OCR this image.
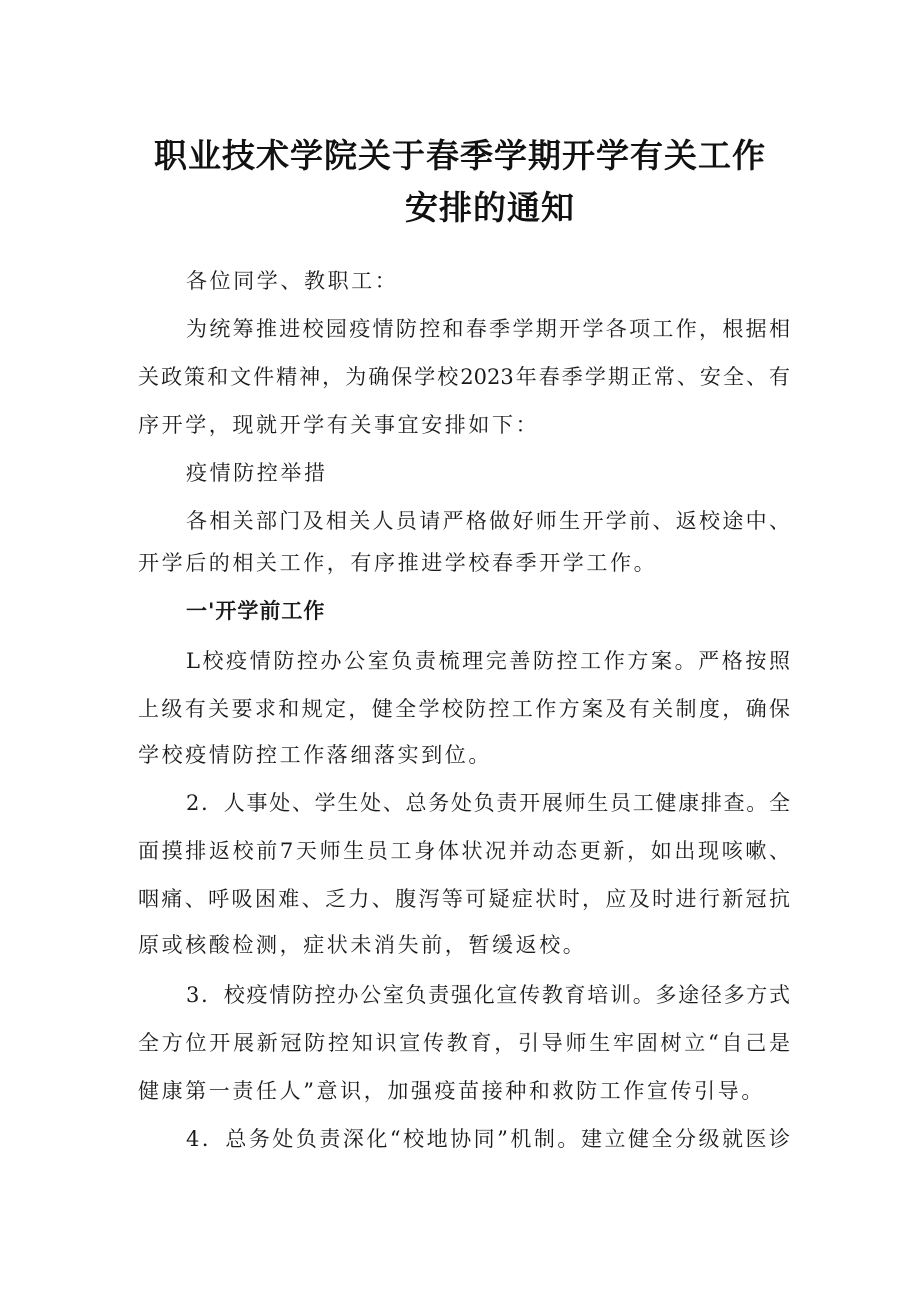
职业技术学院关于春季学期开学有关工作
安排的通知
各位同学、教职工：
为统筹推进校园疫情防控和春季学期开学各项工作，根据相
关政策和文件精神，为确保学校2023年春季学期正常、安全、有
序开学，现就开学有关事宜安排如下：
疫情防控举措
各相关部门及相关人员请严格做好师生开学前、返校途中、
开学后的相关工作，有序推进学校春季开学工作。
一'开学前工作
L校疫情防控办公室负责梳理完善防控工作方案。严格按照
上级有关要求和规定，健全学校防控工作方案及有关制度，确保
学校疫情防控工作落细落实到位。
2．人事处、学生处、总务处负责开展师生员工健康排查。全
面摸排返校前7天师生员工身体状况并动态更新，如出现咳嗽、
咽痛、呼吸困难、乏力、腹泻等可疑症状时，应及时进行新冠抗
原或核酸检测，症状未消失前，暂缓返校。
3．校疫情防控办公室负责强化宣传教育培训。多途径多方式
全方位开展新冠防控知识宣传教育，引导师生牢固树立“自己是
健康第一责任人”意识，加强疫苗接种和救防工作宣传引导。
4．总务处负责深化“校地协同”机制。建立健全分级就医诊
